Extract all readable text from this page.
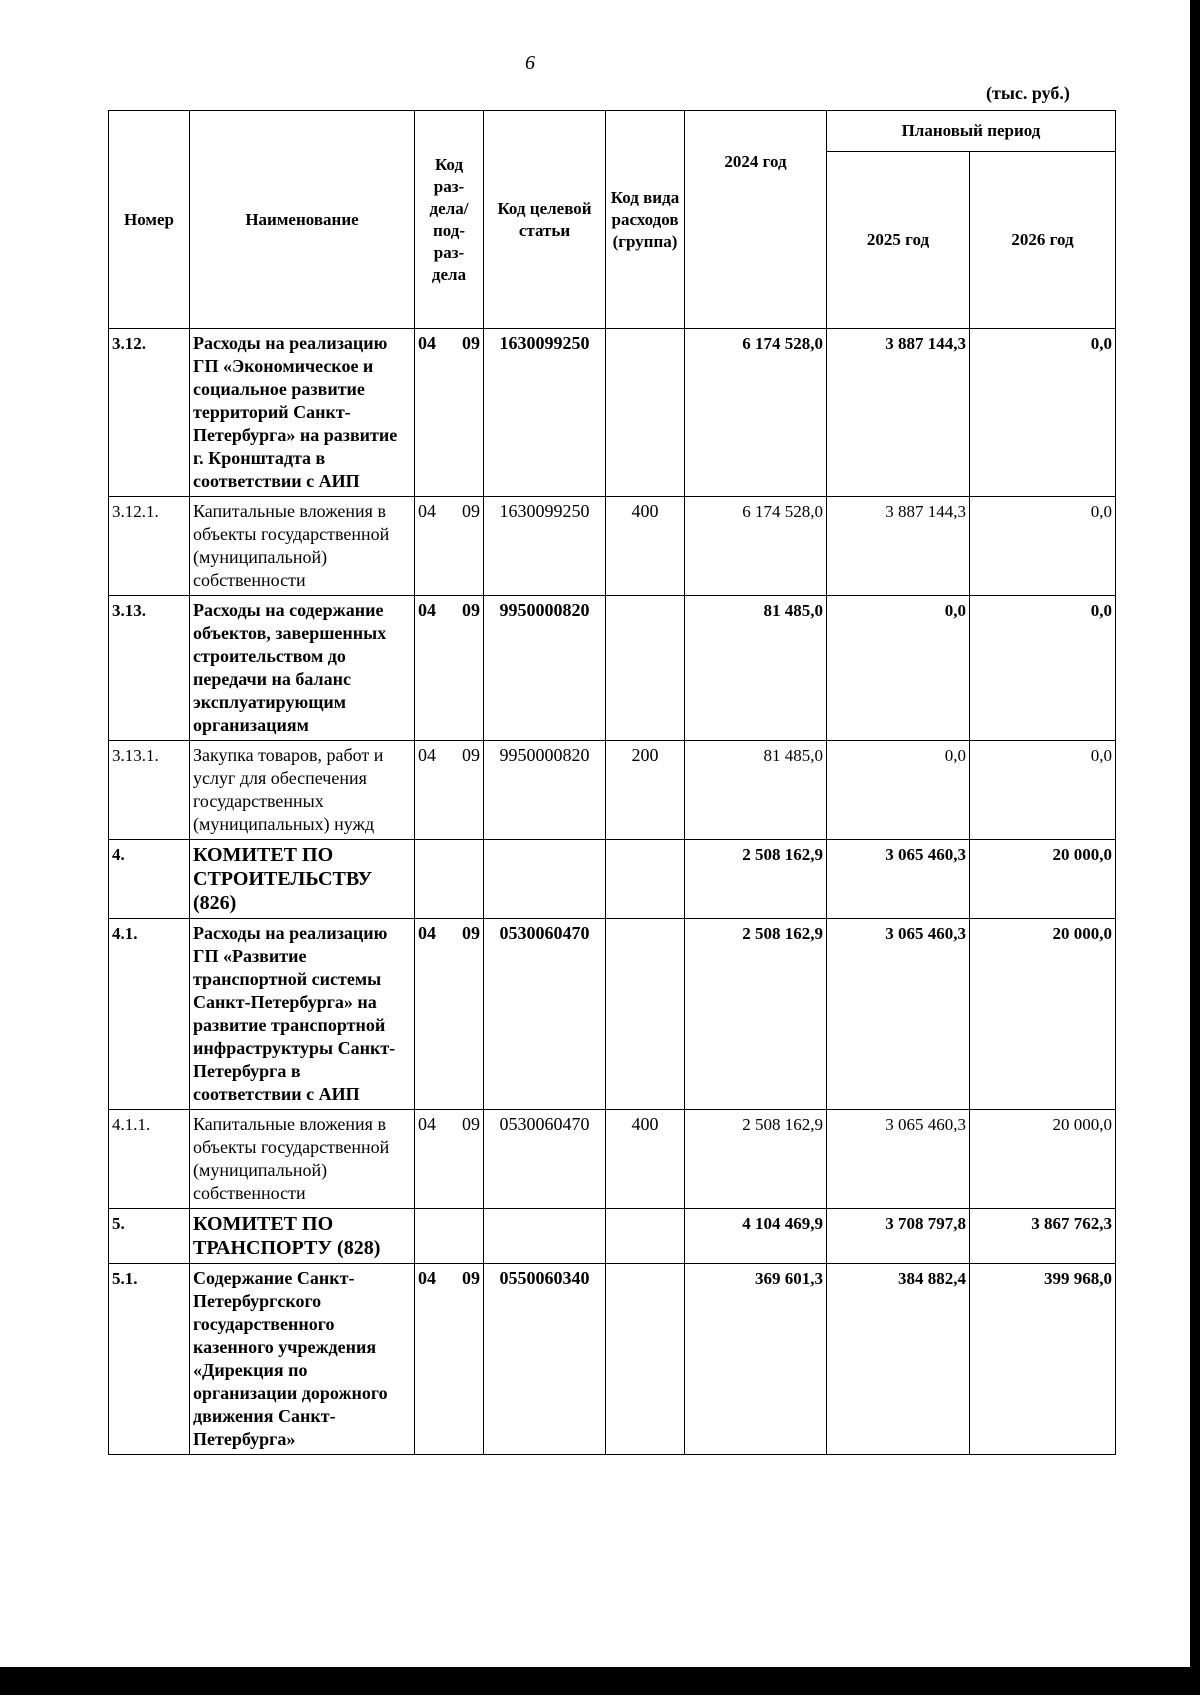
6
(тыс. руб.)
Номер	Наименование	Код раз-дела/ под-раз-дела	Код целевой статьи	Код вида расходов (группа)	2024 год	Плановый период	
						2025 год	2026 год
3.12.	Расходы на реализацию ГП «Экономическое и социальное развитие территорий Санкт-Петербурга» на развитие г. Кронштадта в соответствии с АИП	04 09	1630099250		6 174 528,0	3 887 144,3	0,0
3.12.1.	Капитальные вложения в объекты государственной (муниципальной) собственности	04 09	1630099250	400	6 174 528,0	3 887 144,3	0,0
3.13.	Расходы на содержание объектов, завершенных строительством до передачи на баланс эксплуатирующим организациям	04 09	9950000820		81 485,0	0,0	0,0
3.13.1.	Закупка товаров, работ и услуг для обеспечения государственных (муниципальных) нужд	04 09	9950000820	200	81 485,0	0,0	0,0
4.	КОМИТЕТ ПО СТРОИТЕЛЬСТВУ (826)				2 508 162,9	3 065 460,3	20 000,0
4.1.	Расходы на реализацию ГП «Развитие транспортной системы Санкт-Петербурга» на развитие транспортной инфраструктуры Санкт-Петербурга в соответствии с АИП	04 09	0530060470		2 508 162,9	3 065 460,3	20 000,0
4.1.1.	Капитальные вложения в объекты государственной (муниципальной) собственности	04 09	0530060470	400	2 508 162,9	3 065 460,3	20 000,0
5.	КОМИТЕТ ПО ТРАНСПОРТУ (828)				4 104 469,9	3 708 797,8	3 867 762,3
5.1.	Содержание Санкт-Петербургского государственного казенного учреждения «Дирекция по организации дорожного движения Санкт-Петербурга»	04 09	0550060340		369 601,3	384 882,4	399 968,0
